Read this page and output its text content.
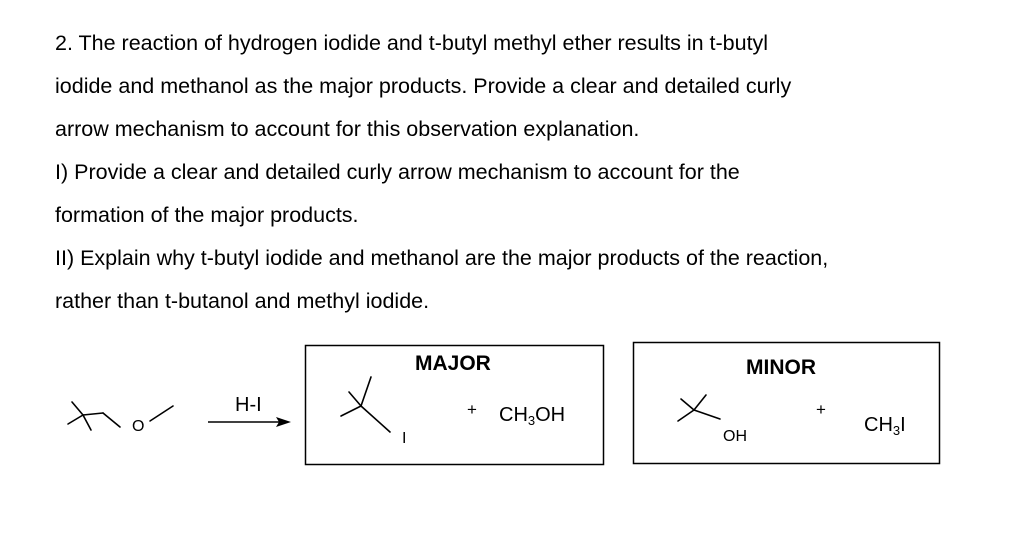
2. The reaction of hydrogen iodide and t-butyl methyl ether results in t-butyl

iodide and methanol as the major products. Provide a clear and detailed curly

arrow mechanism to account for this observation explanation.

I) Provide a clear and detailed curly arrow mechanism to account for the

formation of the major products.

II) Explain why t-butyl iodide and methanol are the major products of the reaction,

rather than t-butanol and methyl iodide.

O
H-I
MAJOR
I
+ $CH_3OH$
MINOR
OH
+
$CH_3I$
